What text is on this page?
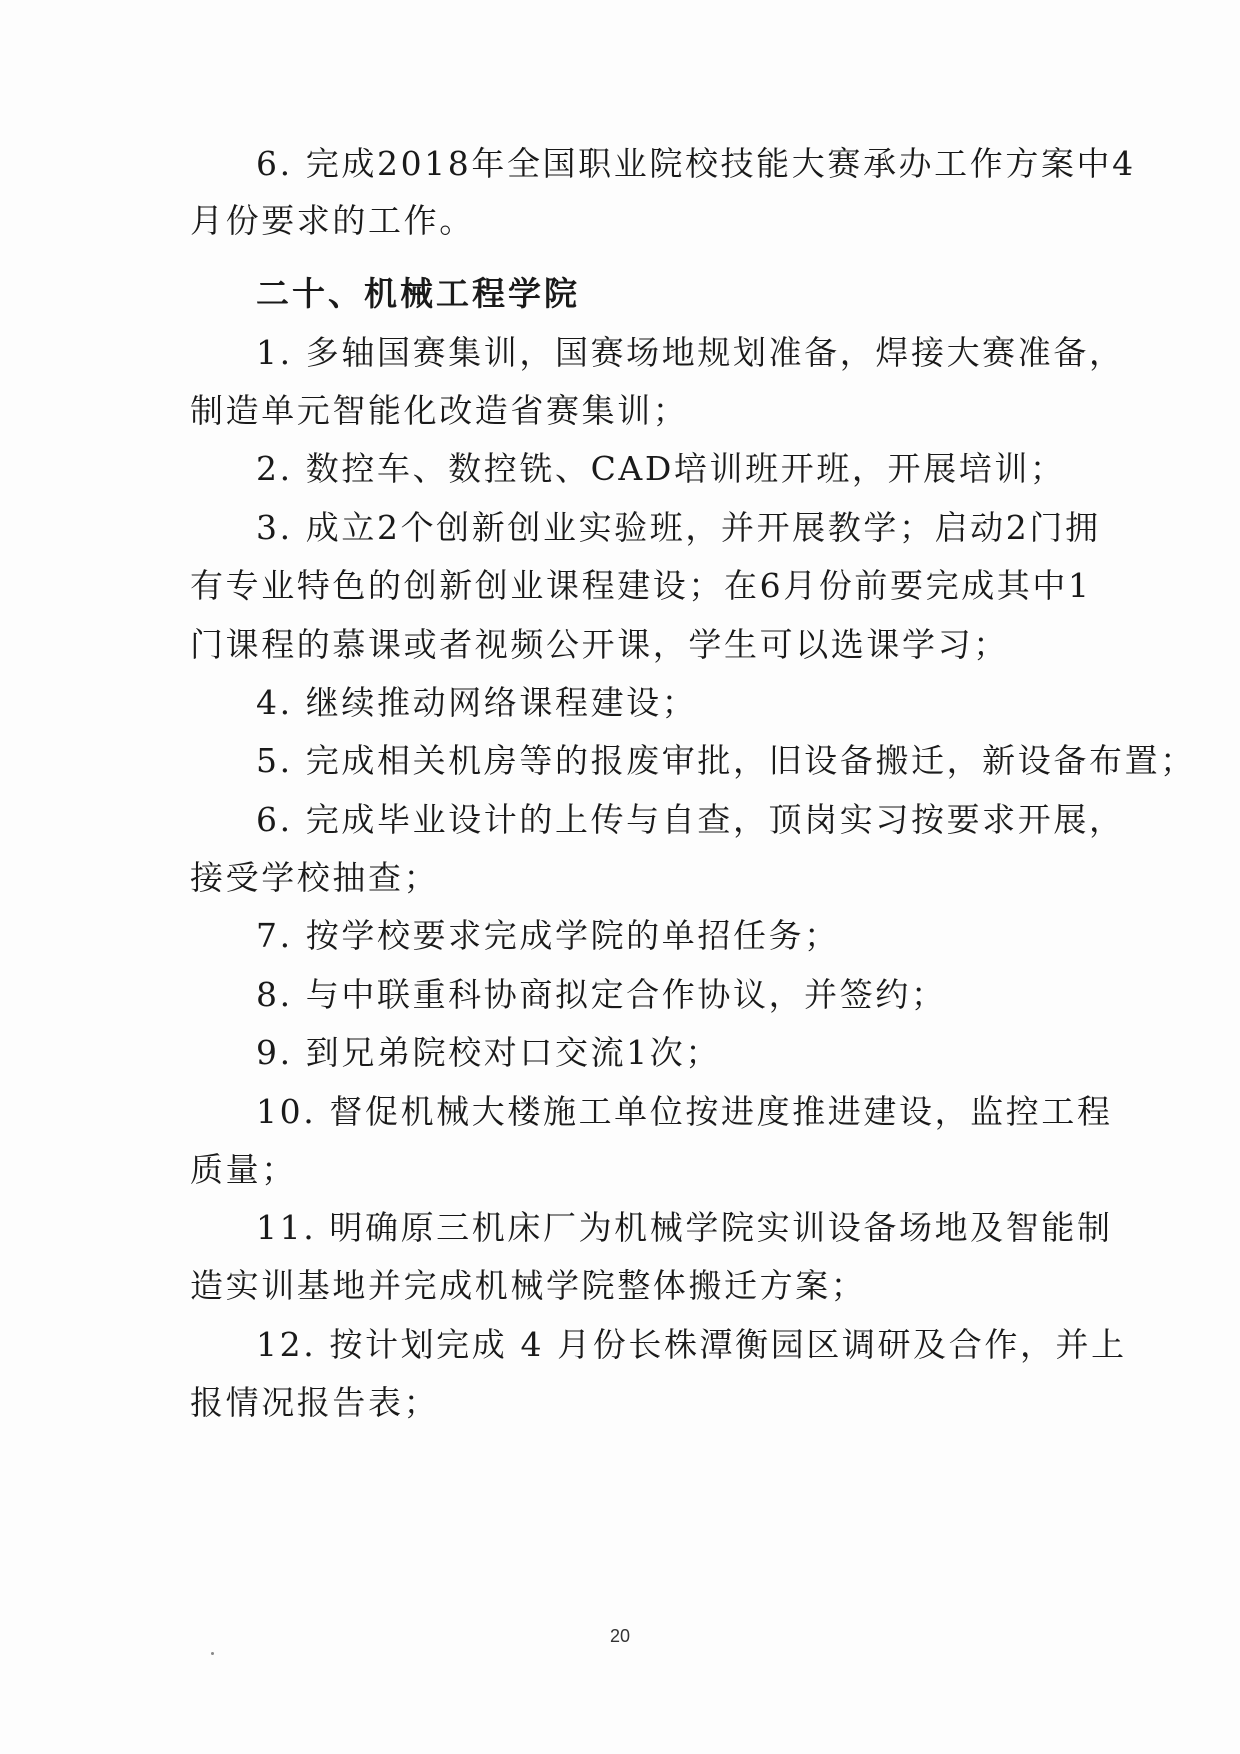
6. 完成2018年全国职业院校技能大赛承办工作方案中4
月份要求的工作。
二十、机械工程学院
1. 多轴国赛集训，国赛场地规划准备，焊接大赛准备，
制造单元智能化改造省赛集训；
2. 数控车、数控铣、CAD培训班开班，开展培训；
3. 成立2个创新创业实验班，并开展教学；启动2门拥
有专业特色的创新创业课程建设；在6月份前要完成其中1
门课程的慕课或者视频公开课，学生可以选课学习；
4. 继续推动网络课程建设；
5. 完成相关机房等的报废审批，旧设备搬迁，新设备布置；
6. 完成毕业设计的上传与自查，顶岗实习按要求开展，
接受学校抽查；
7. 按学校要求完成学院的单招任务；
8. 与中联重科协商拟定合作协议，并签约；
9. 到兄弟院校对口交流1次；
10. 督促机械大楼施工单位按进度推进建设，监控工程
质量；
11. 明确原三机床厂为机械学院实训设备场地及智能制
造实训基地并完成机械学院整体搬迁方案；
12. 按计划完成 4 月份长株潭衡园区调研及合作，并上
报情况报告表；
20
